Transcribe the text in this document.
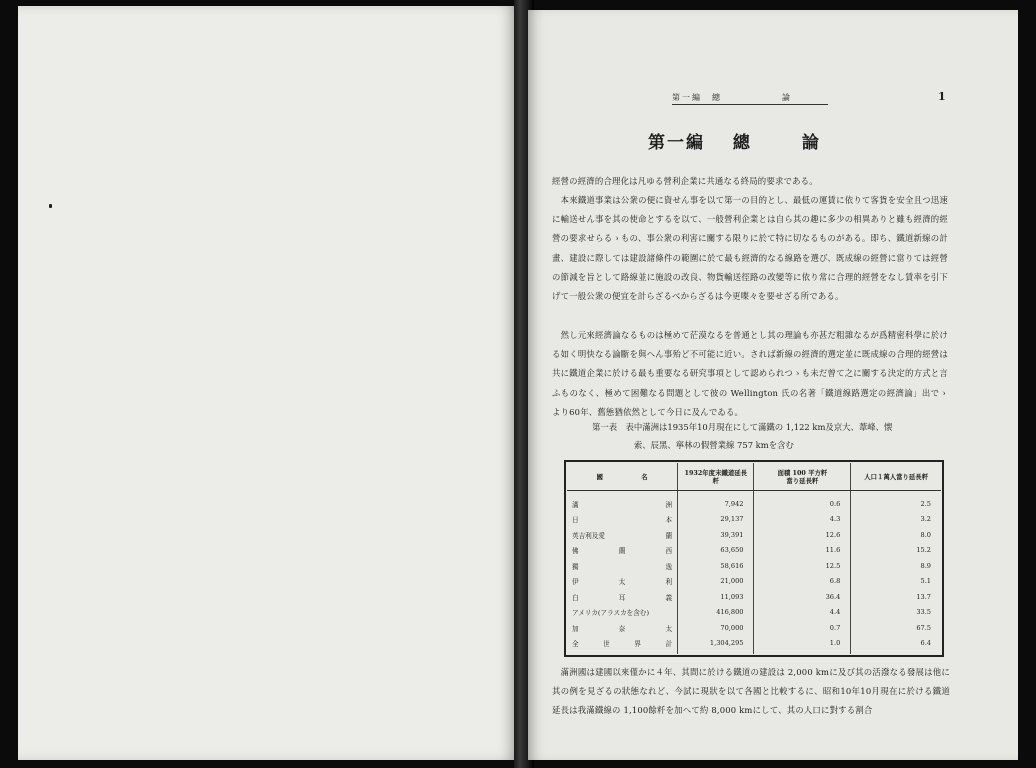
第一編　總	論	1
第一編 總	論
經營の經濟的合理化は凡ゆる營利企業に共通なる終局的要求である。
　本來鐵道事業は公衆の便に資せん事を以て第一の目的とし、最低の運賃に依りて客貨を安全且つ迅速に輸送せん事を其の使命とするを以て、一般營利企業とは自ら其の趣に多少の相異ありと雖も經濟的經營の要求せらるゝもの、事公衆の利害に關する限りに於て特に切なるものがある。即ち、鐵道新線の計畫、建設に際しては建設諸條件の範圍に於て最も經濟的なる線路を選び、既成線の經營に當りては經營の節減を旨として路線並に施設の改良、物貨輸送徑路の改變等に依り常に合理的經營をなし賃率を引下げて一般公衆の便宜を計らざるべからざるは今更喋々を要せざる所である。
　然し元來經濟論なるものは極めて茫漠なるを普通とし其の理論も亦甚だ粗雜なるが爲精密科學に於ける如く明快なる論斷を與へん事殆ど不可能に近い。されば新線の經濟的選定並に既成線の合理的經營は共に鐵道企業に於ける最も重要なる研究事項として認められつゝも未だ曾て之に關する決定的方式と言ふものなく、極めて困難なる問題として彼の Wellington 氏の名著「鐵道線路選定の經濟論」出でゝより60年、舊態猶依然として今日に及んでゐる。
第一表　表中滿洲は1935年10月現在にして滿鐵の 1,122 km及京大、葦峰、懐
　　　　　索、辰黑、寧林の假營業線 757 kmを含む
國　　　　　　名	1932年度末鐵道延長粁	面積 100 平方粁
當り延長粁	人口１萬人當り延長粁

滿 洲	7,942	0.6	2.5

日 本	29,137	4.3	3.2

英吉利及愛 蘭	39,391	12.6	8.0

佛 蘭 西	63,650	11.6	15.2

獨 逸	58,616	12.5	8.9

伊 太 利	21,000	6.8	5.1

白 耳 義	11,093	36.4	13.7

アメリカ(アラスカを含む)	416,800	4.4	33.5

加 奈 太	70,000	0.7	67.5

全 世 界 計	1,304,295	1.0	6.4
　滿洲國は建國以來僅かに４年、其間に於ける鐵道の建設は 2,000 kmに及び其の活潑なる發展は他に其の例を見ざるの狀態なれど、今試に現狀を以て各國と比較するに、昭和10年10月現在に於ける鐵道延長は我滿鐵線の 1,100餘粁を加へて約 8,000 kmにして、其の人口に對する割合
